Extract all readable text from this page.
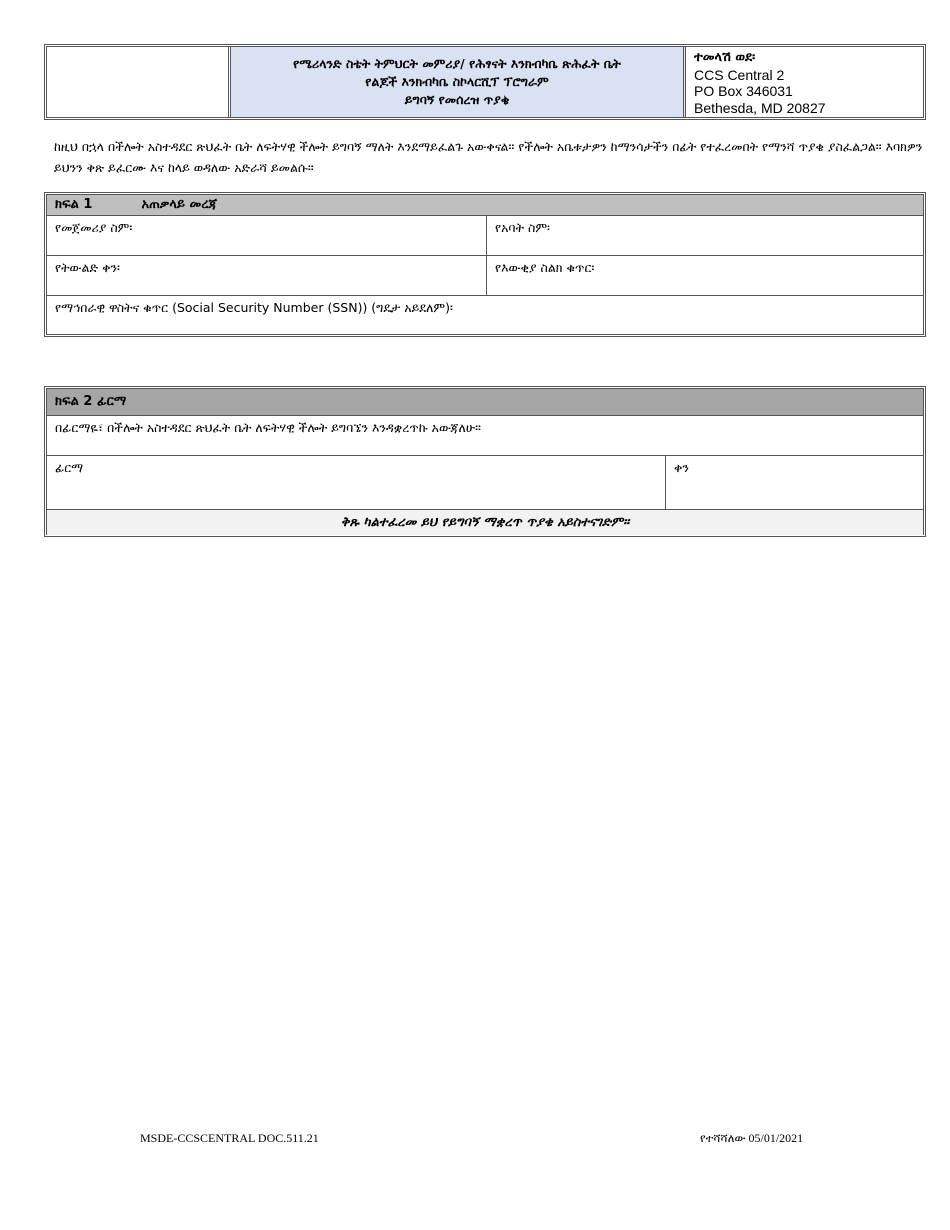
የሜሪላንድ ስቴት ትምህርት መምሪያ/ የሕፃናት እንክብካቤ ጽሕፈት ቤት
የልጆች እንክብካቤ ስኮላርሺፕ ፕሮግራም
ይግባኝ የመሰረዝ ጥያቄ
ተመላሽ ወደ፡
CCS Central 2
PO Box 346031
Bethesda, MD 20827
ከዚህ በኋላ በችሎት አስተዳደር ጽህፈት ቤት ለፍትሃዊ ችሎት ይግባኝ ማለት እንደማይፈልጉ አውቀናል። የችሎት አቤቱታዎን ከማንሳታችን በፊት የተፈረመበት የማንሻ ጥያቄ ያስፈልጋል። እባክዎን ይህንን ቅጽ ይፈርሙ እና ከላይ ወዳለው አድራሻ ይመልሱ።
ክፍል 1	አጠቃላይ መረጃ
የመጀመሪያ ስም፡	የአባት ስም፡
የትውልድ ቀን፡	የእውቂያ ስልክ ቁጥር፡
የማኅበራዊ ዋስትና ቁጥር (Social Security Number (SSN)) (ግዴታ አይደለም)፡
ክፍል 2 ፊርማ
በፊርማዬ፣ በችሎት አስተዳደር ጽህፈት ቤት ለፍትሃዊ ችሎት ይግባኜን እንዳቋረጥኩ አውጃለሁ።
ፊርማ	ቀን
ቅጹ ካልተፈረመ ይህ የይግባኝ ማቋረጥ ጥያቄ አይስተናገድም።
MSDE-CCSCENTRAL DOC.511.21	የተሻሻለው 05/01/2021
